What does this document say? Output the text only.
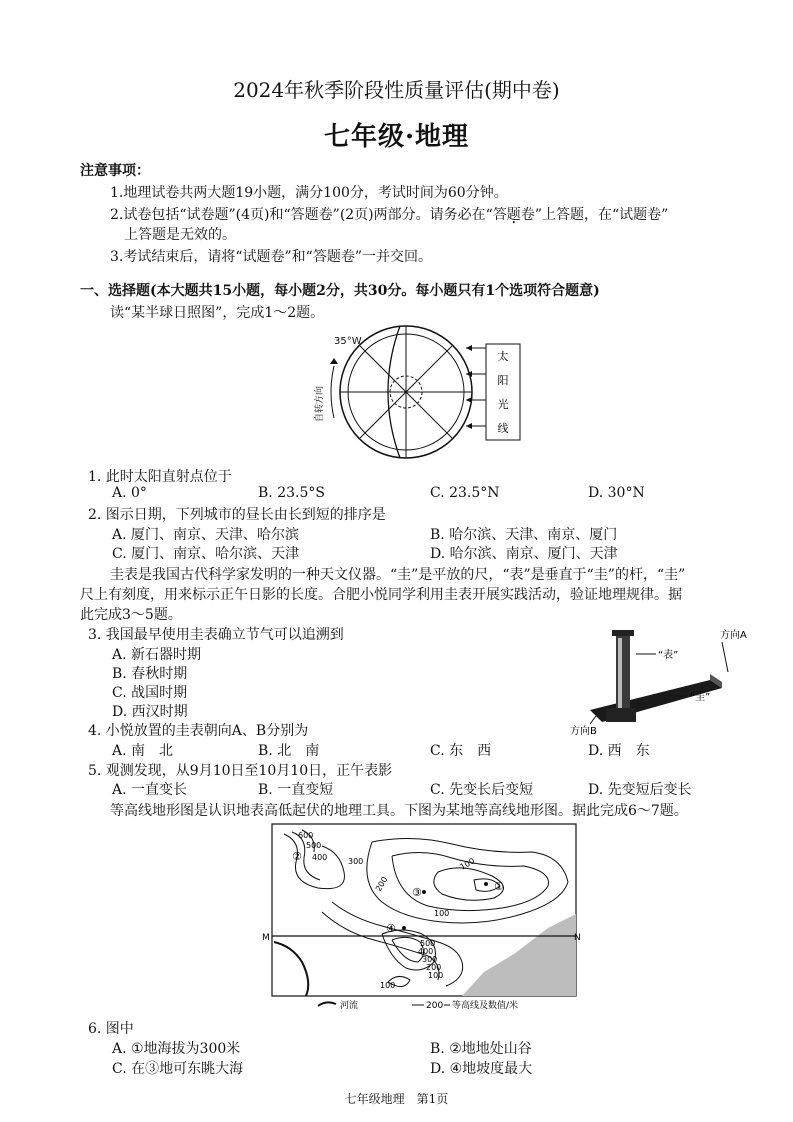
2024年秋季阶段性质量评估(期中卷)
七年级·地理
注意事项：
1.地理试卷共两大题19小题，满分100分，考试时间为60分钟。
2.试卷包括“试卷题”(4页)和“答题卷”(2页)两部分。请务必在“答题卷”上答题，在“试题卷”
上答题是无效的。
3.考试结束后，请将“试题卷”和“答题卷”一并交回。
一、选择题(本大题共15小题，每小题2分，共30分。每小题只有1个选项符合题意)
读“某半球日照图”，完成1～2题。
35°W
自转方向
太
阳
光
线
1. 此时太阳直射点位于
A. 0°	B. 23.5°S	C. 23.5°N	D. 30°N
2. 图示日期，下列城市的昼长由长到短的排序是
A. 厦门、南京、天津、哈尔滨	B. 哈尔滨、天津、南京、厦门
C. 厦门、南京、哈尔滨、天津	D. 哈尔滨、南京、厦门、天津
圭表是我国古代科学家发明的一种天文仪器。“圭”是平放的尺，“表”是垂直于“圭”的杆，“圭”
尺上有刻度，用来标示正午日影的长度。合肥小悦同学利用圭表开展实践活动，验证地理规律。据
此完成3～5题。
“表”
“圭”
方向A
方向B
3. 我国最早使用圭表确立节气可以追溯到
A. 新石器时期
B. 春秋时期
C. 战国时期
D. 西汉时期
4. 小悦放置的圭表朝向A、B分别为
A. 南　北	B. 北　南	C. 东　西	D. 西　东
5. 观测发现，从9月10日至10月10日，正午表影
A. 一直变长	B. 一直变短	C. 先变长后变短	D. 先变短后变长
等高线地形图是认识地表高低起伏的地理工具。下图为某地等高线地形图。据此完成6～7题。
600
500
400	300
200
100
100
500
400
300
200
100
100
①
②
③
④
M	N
河流	200 等高线及数值/米
6. 图中
A. ①地海拔为300米	B. ②地地处山谷
C. 在③地可东眺大海	D. ④地坡度最大
七年级地理　第1页
